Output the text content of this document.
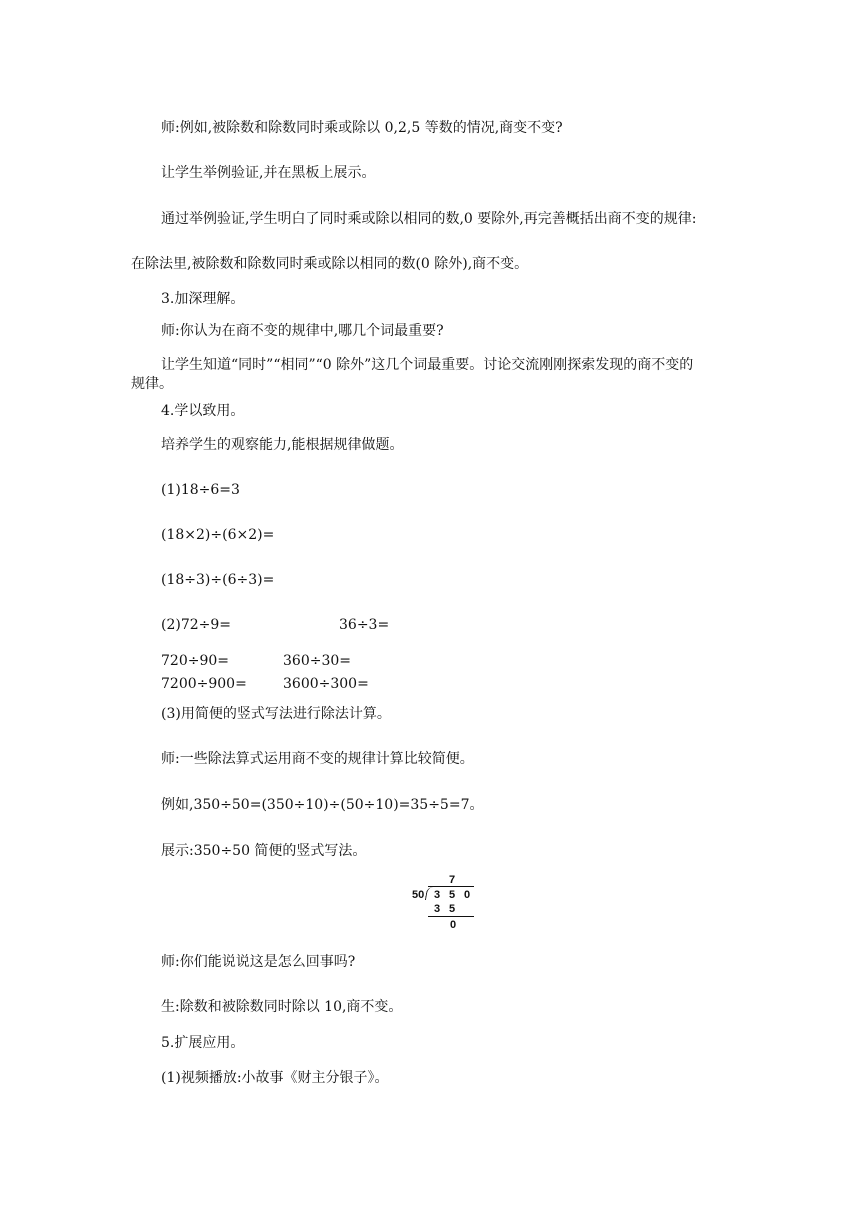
师:例如,被除数和除数同时乘或除以 0,2,5 等数的情况,商变不变?
让学生举例验证,并在黑板上展示。
通过举例验证,学生明白了同时乘或除以相同的数,0 要除外,再完善概括出商不变的规律:
在除法里,被除数和除数同时乘或除以相同的数(0 除外),商不变。
3.加深理解。
师:你认为在商不变的规律中,哪几个词最重要?
让学生知道“同时”“相同”“0 除外”这几个词最重要。讨论交流刚刚探索发现的商不变的规律。
4.学以致用。
培养学生的观察能力,能根据规律做题。
(1)18÷6=3
(18×2)÷(6×2)=
(18÷3)÷(6÷3)=
(2)72÷9=	36÷3=
720÷90=	360÷30=
7200÷900=	3600÷300=
(3)用简便的竖式写法进行除法计算。
师:一些除法算式运用商不变的规律计算比较简便。
例如,350÷50=(350÷10)÷(50÷10)=35÷5=7。
展示:350÷50 简便的竖式写法。
7
50 3 5 0
3 5
0
师:你们能说说这是怎么回事吗?
生:除数和被除数同时除以 10,商不变。
5.扩展应用。
(1)视频播放:小故事《财主分银子》。
